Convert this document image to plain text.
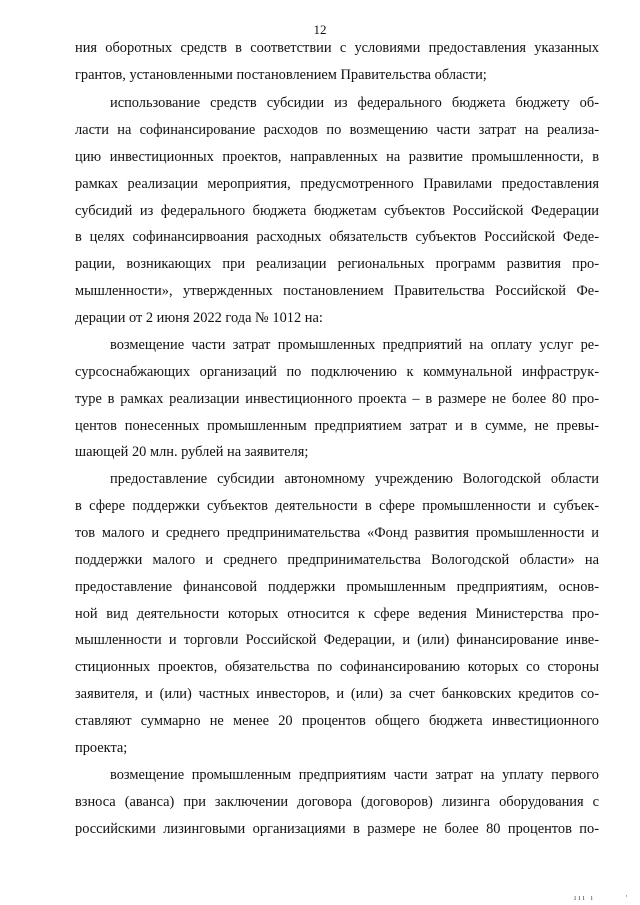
12
ния оборотных средств в соответствии с условиями предоставления указанных
грантов, установленными постановлением Правительства области;
использование средств субсидии из федерального бюджета бюджету об-
ласти на софинансирование расходов по возмещению части затрат на реализа-
цию инвестиционных проектов, направленных на развитие промышленности, в
рамках реализации мероприятия, предусмотренного Правилами предоставления
субсидий из федерального бюджета бюджетам субъектов Российской Федерации
в целях софинансирвоания расходных обязательств субъектов Российской Феде-
рации, возникающих при реализации региональных программ развития про-
мышленности», утвержденных постановлением Правительства Российской Фе-
дерации от 2 июня 2022 года № 1012 на:
возмещение части затрат промышленных предприятий на оплату услуг ре-
сурсоснабжающих организаций по подключению к коммунальной инфраструк-
туре в рамках реализации инвестиционного проекта – в размере не более 80 про-
центов понесенных промышленным предприятием затрат и в сумме, не превы-
шающей 20 млн. рублей на заявителя;
предоставление субсидии автономному учреждению Вологодской области
в сфере поддержки субъектов деятельности в сфере промышленности и субъек-
тов малого и среднего предпринимательства «Фонд развития промышленности и
поддержки малого и среднего предпринимательства Вологодской области» на
предоставление финансовой поддержки промышленным предприятиям, основ-
ной вид деятельности которых относится к сфере ведения Министерства про-
мышленности и торговли Российской Федерации, и (или) финансирование инве-
стиционных проектов, обязательства по софинансированию которых со стороны
заявителя, и (или) частных инвесторов, и (или) за счет банковских кредитов со-
ставляют суммарно не менее 20 процентов общего бюджета инвестиционного
проекта;
возмещение промышленным предприятиям части затрат на уплату первого
взноса (аванса) при заключении договора (договоров) лизинга оборудования с
российскими лизинговыми организациями в размере не более 80 процентов по-
ııı ı	·
